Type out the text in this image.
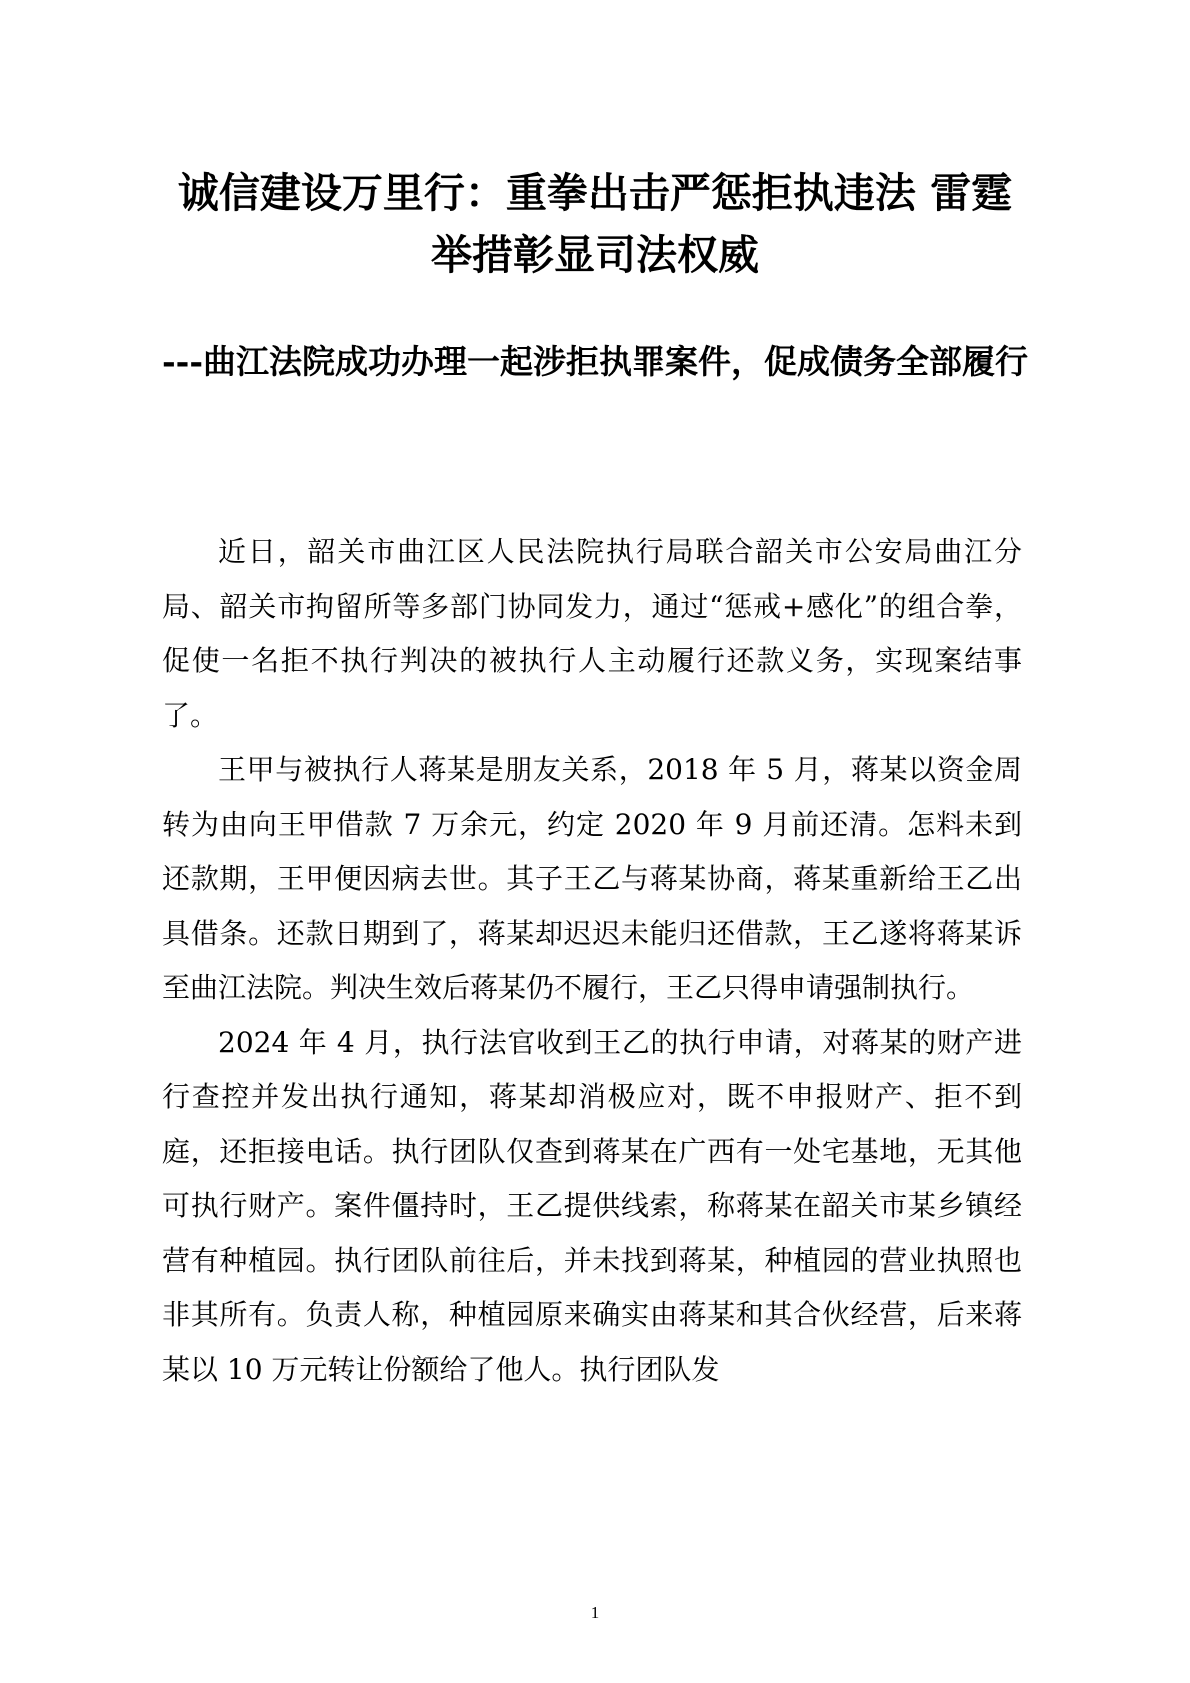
诚信建设万里行：重拳出击严惩拒执违法 雷霆举措彰显司法权威
---曲江法院成功办理一起涉拒执罪案件，促成债务全部履行

近日，韶关市曲江区人民法院执行局联合韶关市公安局曲江分局、韶关市拘留所等多部门协同发力，通过“惩戒+感化”的组合拳，促使一名拒不执行判决的被执行人主动履行还款义务，实现案结事了。

王甲与被执行人蒋某是朋友关系，2018 年 5 月，蒋某以资金周转为由向王甲借款 7 万余元，约定 2020 年 9 月前还清。怎料未到还款期，王甲便因病去世。其子王乙与蒋某协商，蒋某重新给王乙出具借条。还款日期到了，蒋某却迟迟未能归还借款，王乙遂将蒋某诉至曲江法院。判决生效后蒋某仍不履行，王乙只得申请强制执行。

2024 年 4 月，执行法官收到王乙的执行申请，对蒋某的财产进行查控并发出执行通知，蒋某却消极应对，既不申报财产、拒不到庭，还拒接电话。执行团队仅查到蒋某在广西有一处宅基地，无其他可执行财产。案件僵持时，王乙提供线索，称蒋某在韶关市某乡镇经营有种植园。执行团队前往后，并未找到蒋某，种植园的营业执照也非其所有。负责人称，种植园原来确实由蒋某和其合伙经营，后来蒋某以 10 万元转让份额给了他人。执行团队发

1
